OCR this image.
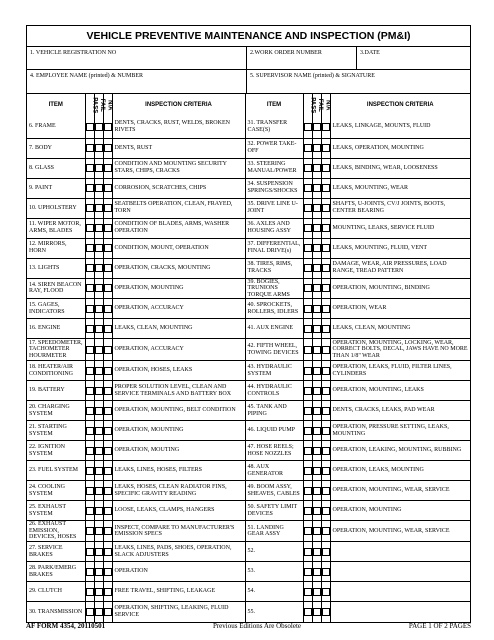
VEHICLE PREVENTIVE MAINTENANCE AND INSPECTION (PM&I)
1. VEHICLE REGISTRATION NO	2.WORK ORDER NUMBER	3.DATE
4. EMPLOYEE NAME (printed) & NUMBER	5. SUPERVISOR NAME (printed) & SIGNATURE
ITEM	PASS	FAIL	N/A	INSPECTION CRITERIA	ITEM	PASS	FAIL	N/A	INSPECTION CRITERIA
6. FRAME				DENTS, CRACKS, RUST, WELDS, BROKEN RIVETS	31. TRANSFER CASE(S)				LEAKS, LINKAGE, MOUNTS, FLUID
7. BODY				DENTS, RUST	32. POWER TAKE-OFF				LEAKS, OPERATION, MOUNTING
8. GLASS				CONDITION AND MOUNTING SECURITY STARS, CHIPS, CRACKS	33. STEERING MANUAL/POWER				LEAKS, BINDING, WEAR, LOOSENESS
9. PAINT				CORROSION, SCRATCHES, CHIPS	34. SUSPENSION SPRINGS/SHOCKS				LEAKS, MOUNTING, WEAR
10. UPHOLSTERY				SEATBELTS OPERATION, CLEAN, FRAYED, TORN	35. DRIVE LINE U-JOINT				SHAFTS, U-JOINTS, CV/J JOINTS, BOOTS, CENTER BEARING
11. WIPER MOTOR, ARMS, BLADES				CONDITION OF BLADES, ARMS, WASHER OPERATION	36. AXLES AND HOUSING ASSY				MOUNTING, LEAKS, SERVICE FLUID
12. MIRRORS, HORN				CONDITION, MOUNT, OPERATION	37. DIFFERENTIAL, FINAL DRIVE(s)				LEAKS, MOUNTING, FLUID, VENT
13. LIGHTS				OPERATION, CRACKS, MOUNTING	38. TIRES, RIMS, TRACKS				DAMAGE, WEAR, AIR PRESSURES, LOAD RANGE, TREAD PATTERN
14. SIREN BEACON RAY, FLOOD				OPERATION, MOUNTING	39. BOGIES, TRUNIONS TORQUE ARMS				OPERATION, MOUNTING, BINDING
15. GAGES, INDICATORS				OPERATION, ACCURACY	40. SPROCKETS, ROLLERS, IDLERS				OPERATION, WEAR
16. ENGINE				LEAKS, CLEAN, MOUNTING	41. AUX ENGINE				LEAKS, CLEAN, MOUNTING
17. SPEEDOMETER, TACHOMETER HOURMETER				OPERATION, ACCURACY	42. FIFTH WHEEL, TOWING DEVICES				OPERATION, MOUNTING, LOCKING, WEAR, CORRECT BOLTS, DECAL, JAWS HAVE NO MORE THAN 1/8" WEAR
18. HEATER/AIR CONDITIONING				OPERATION, HOSES, LEAKS	43. HYDRAULIC SYSTEM				OPERATION, LEAKS, FLUID, FILTER LINES, CYLINDERS
19. BATTERY				PROPER SOLUTION LEVEL, CLEAN AND SERVICE TERMINALS AND BATTERY BOX	44. HYDRAULIC CONTROLS				OPERATION, MOUNTING, LEAKS
20. CHARGING SYSTEM				OPERATION, MOUNTING, BELT CONDITION	45. TANK AND PIPING				DENTS, CRACKS, LEAKS, PAD WEAR
21. STARTING SYSTEM				OPERATION, MOUNTING	46. LIQUID PUMP				OPERATION, PRESSURE SETTING, LEAKS, MOUNTING
22. IGNITION SYSTEM				OPERATION, MOUTING	47. HOSE REELS; HOSE NOZZLES				OPERATION, LEAKING, MOUNTING, RUBBING
23. FUEL SYSTEM				LEAKS, LINES, HOSES, FILTERS	48. AUX GENERATOR				OPERATION, LEAKS, MOUNTING
24. COOLING SYSTEM				LEAKS, HOSES, CLEAN RADIATOR FINS, SPECIFIC GRAVITY READING	49. BOOM ASSY, SHEAVES, CABLES				OPERATION, MOUNTING, WEAR, SERVICE
25. EXHAUST SYSTEM				LOOSE, LEAKS, CLAMPS, HANGERS	50. SAFETY LIMIT DEVICES				OPERATION, MOUNTING
26. EXHAUST EMISSION, DEVICES, HOSES				INSPECT, COMPARE TO MANUFACTURER'S EMISSION SPECS	51. LANDING GEAR ASSY				OPERATION, MOUNTING, WEAR, SERVICE
27. SERVICE BRAKES				LEAKS, LINES, PADS, SHOES, OPERATION, SLACK ADJUSTERS	52.				
28. PARK/EMERG BRAKES				OPERATION	53.				
29. CLUTCH				FREE TRAVEL, SHIFTING, LEAKAGE	54.				
30. TRANSMISSION				OPERATION, SHIFTING, LEAKING, FLUID SERVICE	55.				
AF FORM 4354, 20110501	Previous Editions Are Obsolete	PAGE 1 OF 2 PAGES
